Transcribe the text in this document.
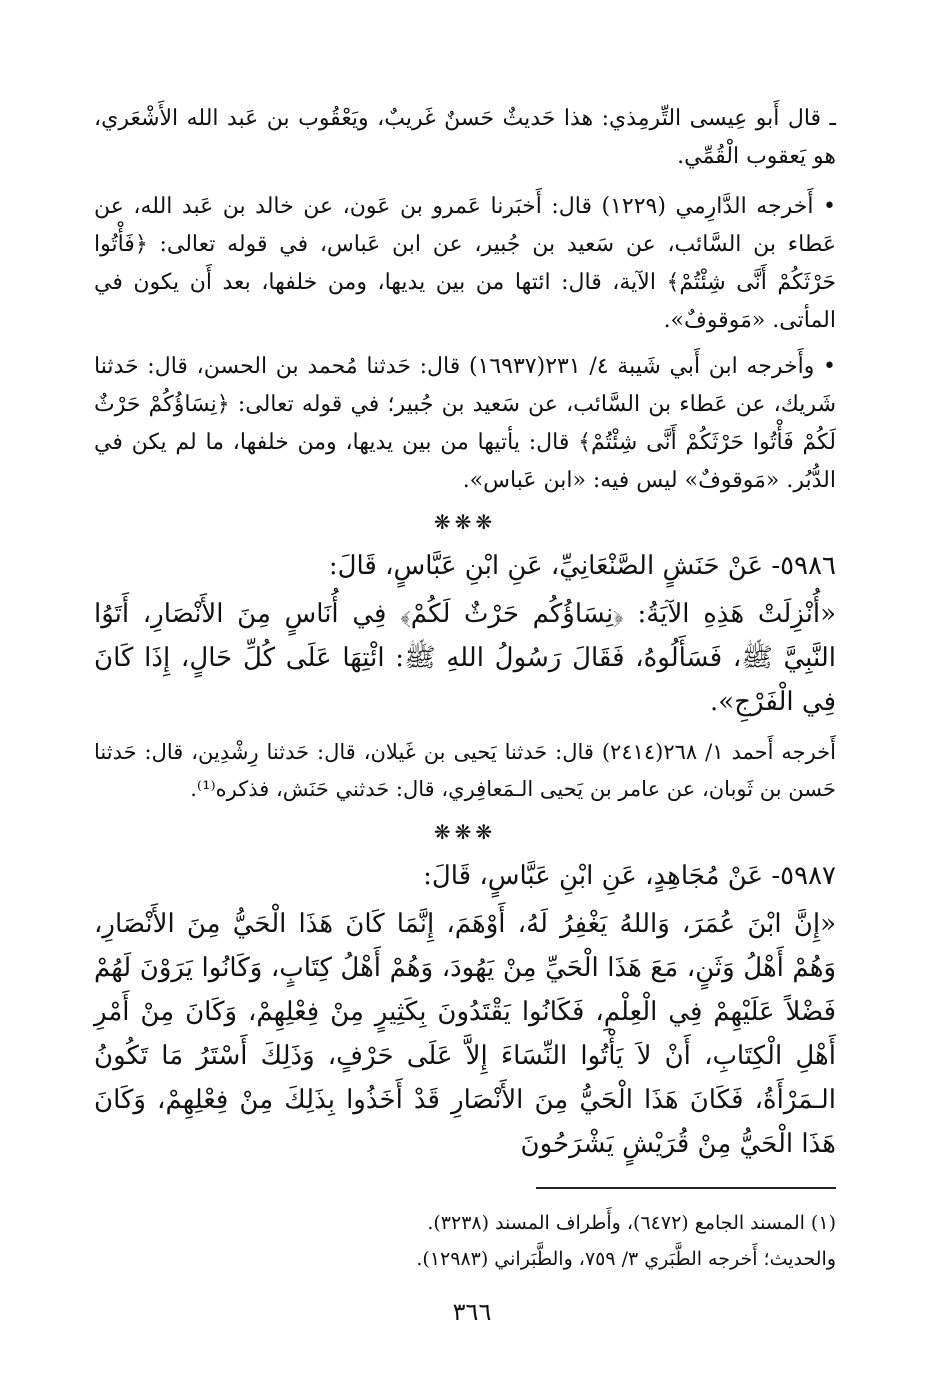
ـ قال أَبو عِيسى التِّرمِذي: هذا حَديثٌ حَسنٌ غَريبٌ، ويَعْقُوب بن عَبد الله الأَشْعَري، هو يَعقوب الْقُمِّي.

• أَخرجه الدَّارِمي (١٢٢٩) قال: أَخبَرنا عَمرو بن عَون، عن خالد بن عَبد الله، عن عَطاء بن السَّائب، عن سَعيد بن جُبير، عن ابن عَباس، في قوله تعالى: ﴿فَأْتُوا حَرْثَكُمْ أَنَّى شِئْتُمْ﴾ الآية، قال: ائتها من بين يديها، ومن خلفها، بعد أَن يكون في المأتى. «مَوقوفٌ».

• وأَخرجه ابن أَبي شَيبة ٤/ ٢٣١(١٦٩٣٧) قال: حَدثنا مُحمد بن الحسن، قال: حَدثنا شَريك، عن عَطاء بن السَّائب، عن سَعيد بن جُبير؛ في قوله تعالى: ﴿نِسَاؤُكُمْ حَرْثٌ لَكُمْ فَأْتُوا حَرْثَكُمْ أَنَّى شِئْتُمْ﴾ قال: يأتيها من بين يديها، ومن خلفها، ما لم يكن في الدُّبُر. «مَوقوفٌ» ليس فيه: «ابن عَباس».

❋❋❋

٥٩٨٦- عَنْ حَنَشٍ الصَّنْعَانِيِّ، عَنِ ابْنِ عَبَّاسٍ، قَالَ:

«أُنْزِلَتْ هَذِهِ الآيَةُ: ﴿نِسَاؤُكُم حَرْثٌ لَكُمْ﴾ فِي أُنَاسٍ مِنَ الأَنْصَارِ، أَتَوُا النَّبِيَّ ﷺ، فَسَأَلُوهُ، فَقَالَ رَسُولُ اللهِ ﷺ: ائْتِهَا عَلَى كُلِّ حَالٍ، إِذَا كَانَ فِي الْفَرْجِ».

أَخرجه أَحمد ١/ ٢٦٨(٢٤١٤) قال: حَدثنا يَحيى بن غَيلان، قال: حَدثنا رِشْدِين، قال: حَدثنا حَسن بن ثَوبان، عن عامر بن يَحيى الـمَعافِري، قال: حَدثني حَنَش، فذكره⁽¹⁾.

❋❋❋

٥٩٨٧- عَنْ مُجَاهِدٍ، عَنِ ابْنِ عَبَّاسٍ، قَالَ:

«إِنَّ ابْنَ عُمَرَ، وَاللهُ يَغْفِرُ لَهُ، أَوْهَمَ، إِنَّمَا كَانَ هَذَا الْحَيُّ مِنَ الأَنْصَارِ، وَهُمْ أَهْلُ وَثَنٍ، مَعَ هَذَا الْحَيِّ مِنْ يَهُودَ، وَهُمْ أَهْلُ كِتَابٍ، وَكَانُوا يَرَوْنَ لَهُمْ فَضْلاً عَلَيْهِمْ فِي الْعِلْمِ، فَكَانُوا يَقْتَدُونَ بِكَثِيرٍ مِنْ فِعْلِهِمْ، وَكَانَ مِنْ أَمْرِ أَهْلِ الْكِتَابِ، أَنْ لاَ يَأْتُوا النِّسَاءَ إِلاَّ عَلَى حَرْفٍ، وَذَلِكَ أَسْتَرُ مَا تَكُونُ الـمَرْأَةُ، فَكَانَ هَذَا الْحَيُّ مِنَ الأَنْصَارِ قَدْ أَخَذُوا بِذَلِكَ مِنْ فِعْلِهِمْ، وَكَانَ هَذَا الْحَيُّ مِنْ قُرَيْشٍ يَشْرَحُونَ

(١) المسند الجامع (٦٤٧٢)، وأَطراف المسند (٣٢٣٨).

والحديث؛ أَخرجه الطَّبَري ٣/ ٧٥٩، والطَّبَراني (١٢٩٨٣).

٣٦٦
